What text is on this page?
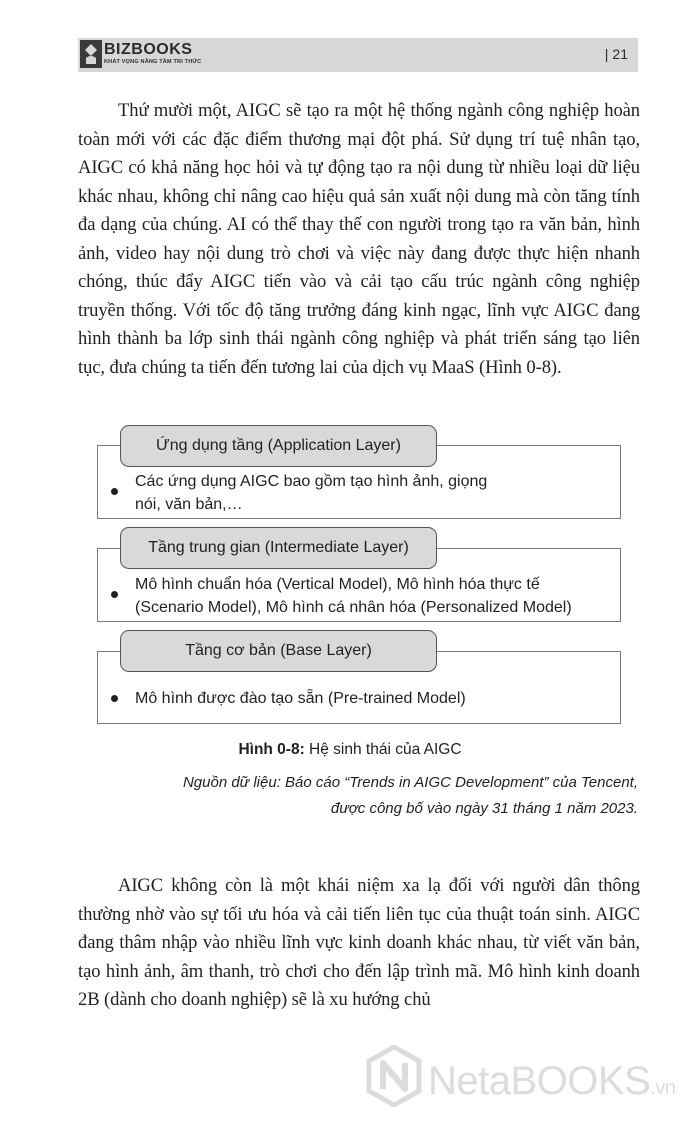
BIZBOOKS
KHÁT VỌNG NÂNG TẦM TRI THỨC	| 21

Thứ mười một, AIGC sẽ tạo ra một hệ thống ngành công nghiệp hoàn toàn mới với các đặc điểm thương mại đột phá. Sử dụng trí tuệ nhân tạo, AIGC có khả năng học hỏi và tự động tạo ra nội dung từ nhiều loại dữ liệu khác nhau, không chỉ nâng cao hiệu quả sản xuất nội dung mà còn tăng tính đa dạng của chúng. AI có thể thay thế con người trong tạo ra văn bản, hình ảnh, video hay nội dung trò chơi và việc này đang được thực hiện nhanh chóng, thúc đẩy AIGC tiến vào và cải tạo cấu trúc ngành công nghiệp truyền thống. Với tốc độ tăng trưởng đáng kinh ngạc, lĩnh vực AIGC đang hình thành ba lớp sinh thái ngành công nghiệp và phát triển sáng tạo liên tục, đưa chúng ta tiến đến tương lai của dịch vụ MaaS (Hình 0-8).

Ứng dụng tầng (Application Layer)
Các ứng dụng AIGC bao gồm tạo hình ảnh, giọng
nói, văn bản,…
Tầng trung gian (Intermediate Layer)
Mô hình chuẩn hóa (Vertical Model), Mô hình hóa thực tế
(Scenario Model), Mô hình cá nhân hóa (Personalized Model)
Tầng cơ bản (Base Layer)
Mô hình được đào tạo sẵn (Pre-trained Model)
Hình 0-8: Hệ sinh thái của AIGC
Nguồn dữ liệu: Báo cáo “Trends in AIGC Development” của Tencent,
được công bố vào ngày 31 tháng 1 năm 2023.

AIGC không còn là một khái niệm xa lạ đối với người dân thông thường nhờ vào sự tối ưu hóa và cải tiến liên tục của thuật toán sinh. AIGC đang thâm nhập vào nhiều lĩnh vực kinh doanh khác nhau, từ viết văn bản, tạo hình ảnh, âm thanh, trò chơi cho đến lập trình mã. Mô hình kinh doanh 2B (dành cho doanh nghiệp) sẽ là xu hướng chủ

NetaBOOKS.vn
